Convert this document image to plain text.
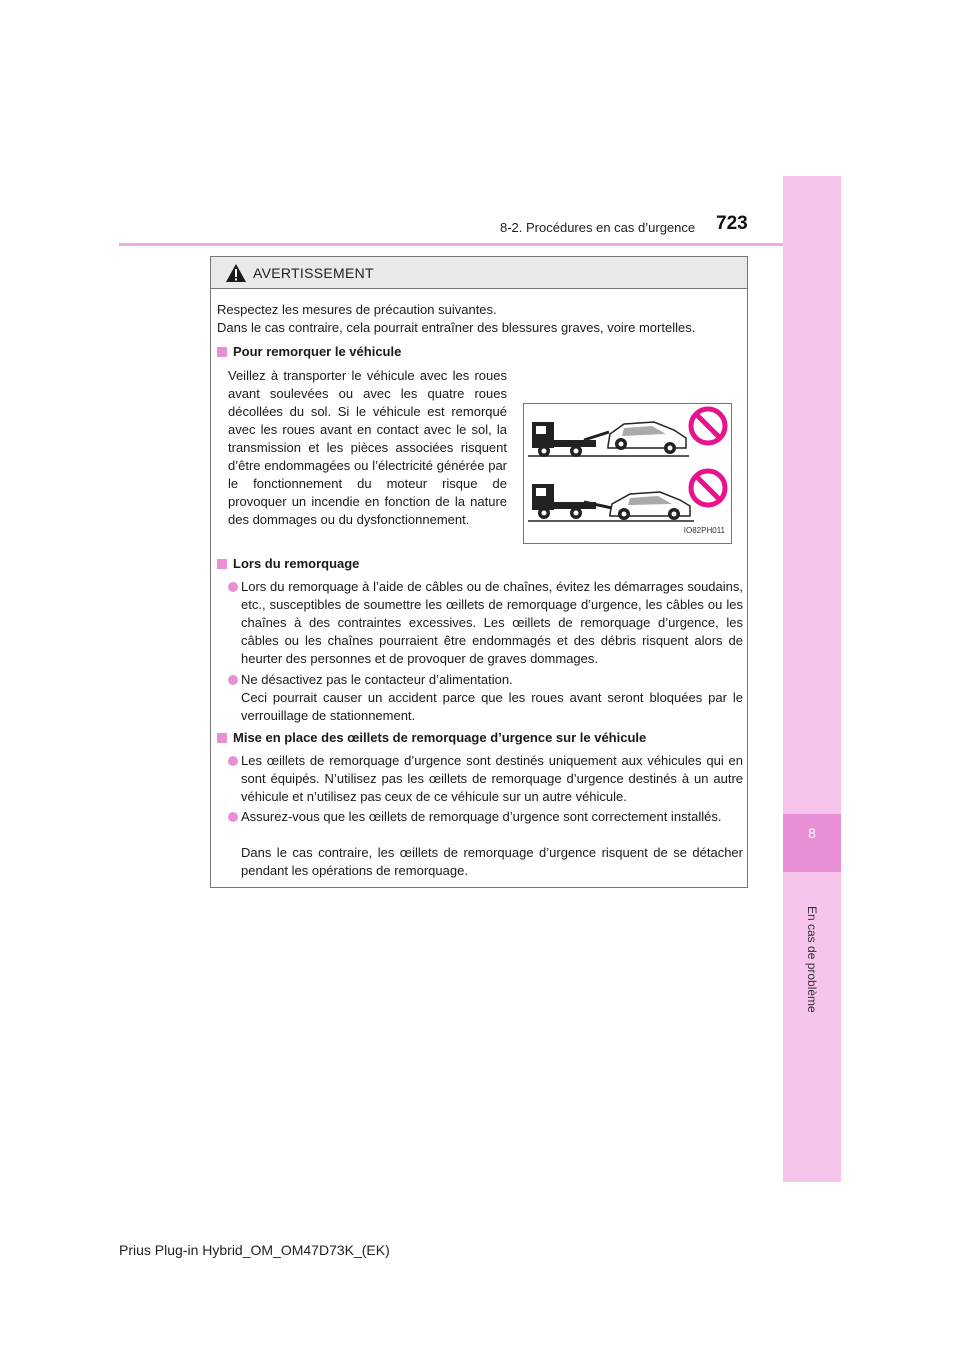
8
En cas de problème
8-2. Procédures en cas d’urgence 723
AVERTISSEMENT
Respectez les mesures de précaution suivantes.
Dans le cas contraire, cela pourrait entraîner des blessures graves, voire mortelles.
Pour remorquer le véhicule
Veillez à transporter le véhicule avec les roues avant soulevées ou avec les quatre roues décollées du sol. Si le véhicule est remorqué avec les roues avant en contact avec le sol, la transmission et les pièces associées risquent d’être endommagées ou l’électricité générée par le fonctionnement du moteur risque de provoquer un incendie en fonction de la nature des dommages ou du dysfonctionnement.
IO82PH011
Lors du remorquage
Lors du remorquage à l’aide de câbles ou de chaînes, évitez les démarrages soudains, etc., susceptibles de soumettre les œillets de remorquage d’urgence, les câbles ou les chaînes à des contraintes excessives. Les œillets de remorquage d’urgence, les câbles ou les chaînes pourraient être endommagés et des débris risquent alors de heurter des personnes et de provoquer de graves dommages.
Ne désactivez pas le contacteur d’alimentation.
Ceci pourrait causer un accident parce que les roues avant seront bloquées par le verrouillage de stationnement.
Mise en place des œillets de remorquage d’urgence sur le véhicule
Les œillets de remorquage d’urgence sont destinés uniquement aux véhicules qui en sont équipés. N’utilisez pas les œillets de remorquage d’urgence destinés à un autre véhicule et n’utilisez pas ceux de ce véhicule sur un autre véhicule.
Assurez-vous que les œillets de remorquage d’urgence sont correctement installés.
Dans le cas contraire, les œillets de remorquage d’urgence risquent de se détacher pendant les opérations de remorquage.
Prius Plug-in Hybrid_OM_OM47D73K_(EK)
